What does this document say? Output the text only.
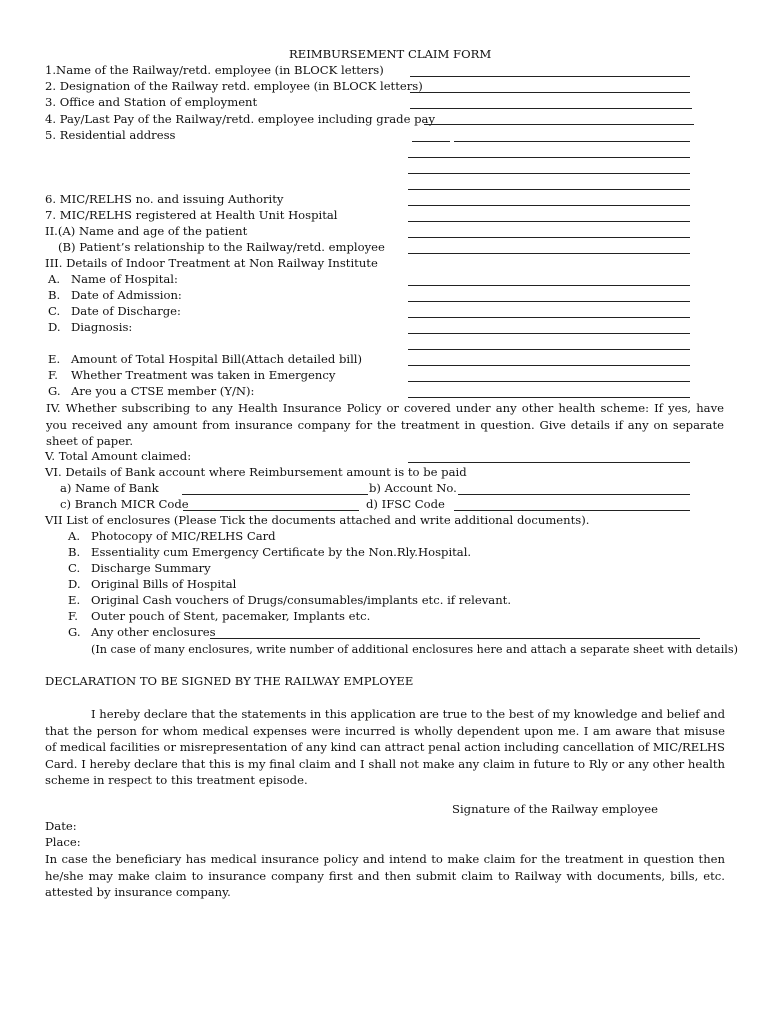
REIMBURSEMENT CLAIM FORM
1.Name of the Railway/retd. employee (in BLOCK letters)
2. Designation of the Railway retd. employee (in BLOCK letters)
3. Office and Station of employment
4. Pay/Last Pay of the Railway/retd. employee including grade pay
5. Residential address
6. MIC/RELHS no. and issuing Authority
7. MIC/RELHS registered at Health Unit Hospital
II.(A) Name and age of the patient
(B) Patient’s relationship to the Railway/retd. employee
III. Details of Indoor Treatment at Non Railway Institute
A. Name of Hospital:
B. Date of Admission:
C. Date of Discharge:
D. Diagnosis:
E. Amount of Total Hospital Bill(Attach detailed bill)
F. Whether Treatment was taken in Emergency
G. Are you a CTSE member (Y/N):
IV. Whether subscribing to any Health Insurance Policy or covered under any other health scheme: If yes, have you received any amount from insurance company for the treatment in question. Give details if any on separate sheet of paper.
V. Total Amount claimed:
VI. Details of Bank account where Reimbursement amount is to be paid
a) Name of Bank	b) Account No.
c) Branch MICR Code	d) IFSC Code
VII List of enclosures (Please Tick the documents attached and write additional documents).
A. Photocopy of MIC/RELHS Card
B. Essentiality cum Emergency Certificate by the Non.Rly.Hospital.
C. Discharge Summary
D. Original Bills of Hospital
E. Original Cash vouchers of Drugs/consumables/implants etc. if relevant.
F. Outer pouch of Stent, pacemaker, Implants etc.
G. Any other enclosures
(In case of many enclosures, write number of additional enclosures here and attach a separate sheet with details)
DECLARATION TO BE SIGNED BY THE RAILWAY EMPLOYEE
I hereby declare that the statements in this application are true to the best of my knowledge and belief and that the person for whom medical expenses were incurred is wholly dependent upon me. I am aware that misuse of medical facilities or misrepresentation of any kind can attract penal action including cancellation of MIC/RELHS Card. I hereby declare that this is my final claim and I shall not make any claim in future to Rly or any other health scheme in respect to this treatment episode.
Signature of the Railway employee
Date:
Place:
In case the beneficiary has medical insurance policy and intend to make claim for the treatment in question then he/she may make claim to insurance company first and then submit claim to Railway with documents, bills, etc. attested by insurance company.
